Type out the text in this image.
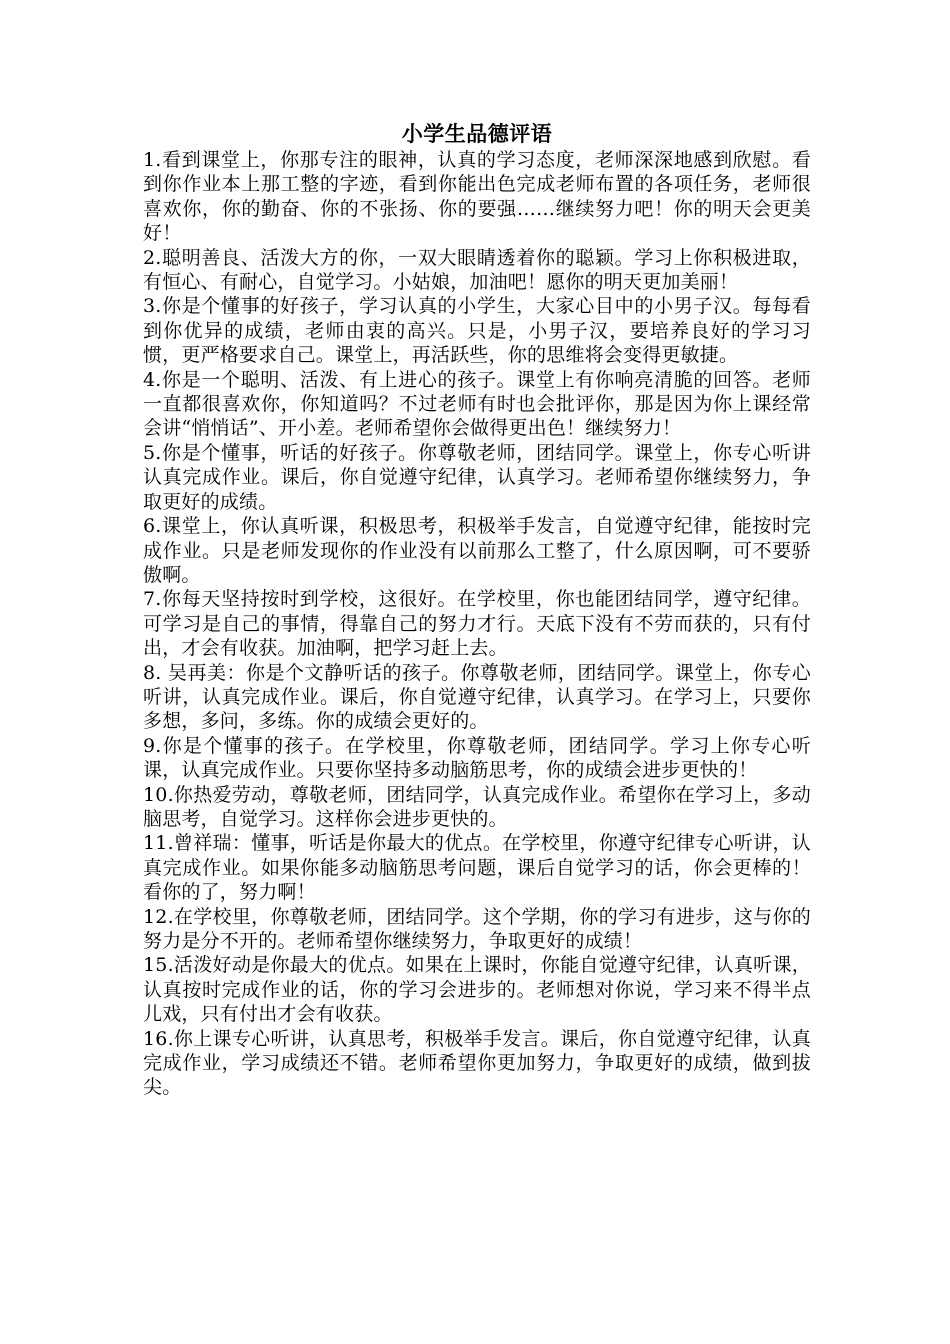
小学生品德评语
1.看到课堂上，你那专注的眼神，认真的学习态度，老师深深地感到欣慰。看到你作业本上那工整的字迹，看到你能出色完成老师布置的各项任务，老师很喜欢你，你的勤奋、你的不张扬、你的要强……继续努力吧！你的明天会更美好！
2.聪明善良、活泼大方的你，一双大眼睛透着你的聪颖。学习上你积极进取，有恒心、有耐心，自觉学习。小姑娘，加油吧！愿你的明天更加美丽！
3.你是个懂事的好孩子，学习认真的小学生，大家心目中的小男子汉。每每看到你优异的成绩，老师由衷的高兴。只是，小男子汉，要培养良好的学习习惯，更严格要求自己。课堂上，再活跃些，你的思维将会变得更敏捷。
4.你是一个聪明、活泼、有上进心的孩子。课堂上有你响亮清脆的回答。老师一直都很喜欢你，你知道吗？不过老师有时也会批评你，那是因为你上课经常会讲“悄悄话”、开小差。老师希望你会做得更出色！继续努力！
5.你是个懂事，听话的好孩子。你尊敬老师，团结同学。课堂上，你专心听讲认真完成作业。课后，你自觉遵守纪律，认真学习。老师希望你继续努力，争取更好的成绩。
6.课堂上，你认真听课，积极思考，积极举手发言，自觉遵守纪律，能按时完成作业。只是老师发现你的作业没有以前那么工整了，什么原因啊，可不要骄傲啊。
7.你每天坚持按时到学校，这很好。在学校里，你也能团结同学，遵守纪律。可学习是自己的事情，得靠自己的努力才行。天底下没有不劳而获的，只有付出，才会有收获。加油啊，把学习赶上去。
8. 吴再美：你是个文静听话的孩子。你尊敬老师，团结同学。课堂上，你专心听讲，认真完成作业。课后，你自觉遵守纪律，认真学习。在学习上，只要你多想，多问，多练。你的成绩会更好的。
9.你是个懂事的孩子。在学校里，你尊敬老师，团结同学。学习上你专心听课，认真完成作业。只要你坚持多动脑筋思考，你的成绩会进步更快的！
10.你热爱劳动，尊敬老师，团结同学，认真完成作业。希望你在学习上，多动脑思考，自觉学习。这样你会进步更快的。
11.曾祥瑞：懂事，听话是你最大的优点。在学校里，你遵守纪律专心听讲，认真完成作业。如果你能多动脑筋思考问题，课后自觉学习的话，你会更棒的！看你的了，努力啊！
12.在学校里，你尊敬老师，团结同学。这个学期，你的学习有进步，这与你的努力是分不开的。老师希望你继续努力，争取更好的成绩！
15.活泼好动是你最大的优点。如果在上课时，你能自觉遵守纪律，认真听课，认真按时完成作业的话，你的学习会进步的。老师想对你说，学习来不得半点儿戏，只有付出才会有收获。
16.你上课专心听讲，认真思考，积极举手发言。课后，你自觉遵守纪律，认真完成作业，学习成绩还不错。老师希望你更加努力，争取更好的成绩，做到拔尖。
